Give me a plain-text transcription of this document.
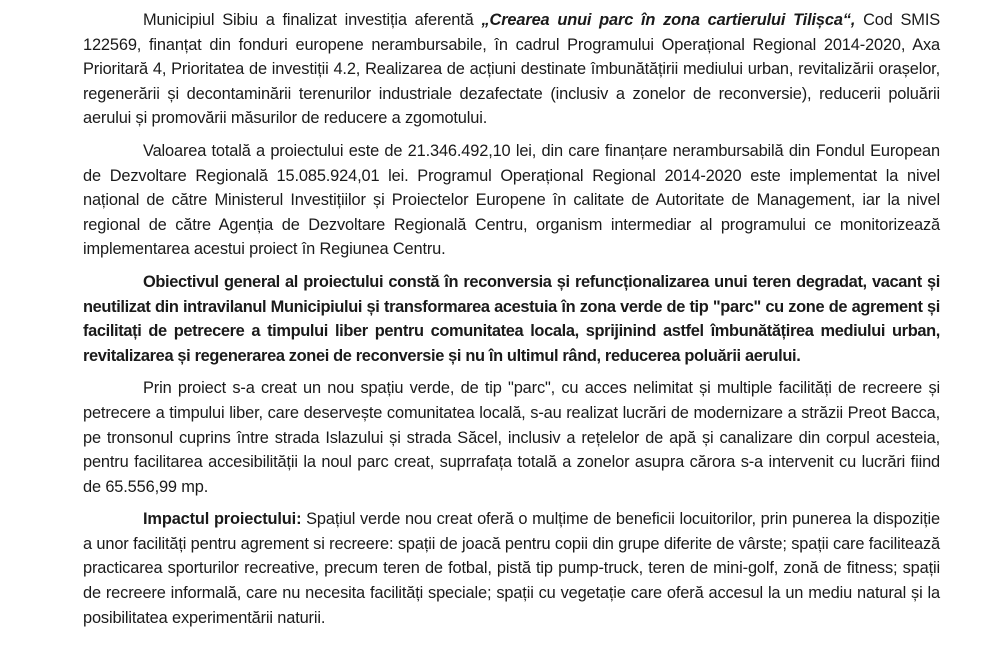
Municipiul Sibiu a finalizat investiția aferentă „Crearea unui parc în zona cartierului Tilișca“, Cod SMIS 122569, finanțat din fonduri europene nerambursabile, în cadrul Programului Operațional Regional 2014-2020, Axa Prioritară 4, Prioritatea de investiții 4.2, Realizarea de acțiuni destinate îmbunătățirii mediului urban, revitalizării orașelor, regenerării și decontaminării terenurilor industriale dezafectate (inclusiv a zonelor de reconversie), reducerii poluării aerului și promovării măsurilor de reducere a zgomotului.

Valoarea totală a proiectului este de 21.346.492,10 lei, din care finanțare nerambursabilă din Fondul European de Dezvoltare Regională 15.085.924,01 lei. Programul Operațional Regional 2014-2020 este implementat la nivel național de către Ministerul Investițiilor și Proiectelor Europene în calitate de Autoritate de Management, iar la nivel regional de către Agenția de Dezvoltare Regională Centru, organism intermediar al programului ce monitorizează implementarea acestui proiect în Regiunea Centru.

Obiectivul general al proiectului constă în reconversia și refuncționalizarea unui teren degradat, vacant și neutilizat din intravilanul Municipiului și transformarea acestuia în zona verde de tip "parc" cu zone de agrement și facilitați de petrecere a timpului liber pentru comunitatea locala, sprijinind astfel îmbunătățirea mediului urban, revitalizarea și regenerarea zonei de reconversie și nu în ultimul rând, reducerea poluării aerului.

Prin proiect s-a creat un nou spațiu verde, de tip "parc", cu acces nelimitat și multiple facilități de recreere și petrecere a timpului liber, care deservește comunitatea locală, s-au realizat lucrări de modernizare a străzii Preot Bacca, pe tronsonul cuprins între strada Islazului și strada Săcel, inclusiv a rețelelor de apă și canalizare din corpul acesteia, pentru facilitarea accesibilității la noul parc creat, suprrafața totală a zonelor asupra cărora s-a intervenit cu lucrări fiind de 65.556,99 mp.

Impactul proiectului: Spațiul verde nou creat oferă o mulțime de beneficii locuitorilor, prin punerea la dispoziție a unor facilități pentru agrement si recreere: spații de joacă pentru copii din grupe diferite de vârste; spații care facilitează practicarea sporturilor recreative, precum teren de fotbal, pistă tip pump-truck, teren de mini-golf, zonă de fitness; spații de recreere informală, care nu necesita facilități speciale; spații cu vegetație care oferă accesul la un mediu natural și la posibilitatea experimentării naturii.
